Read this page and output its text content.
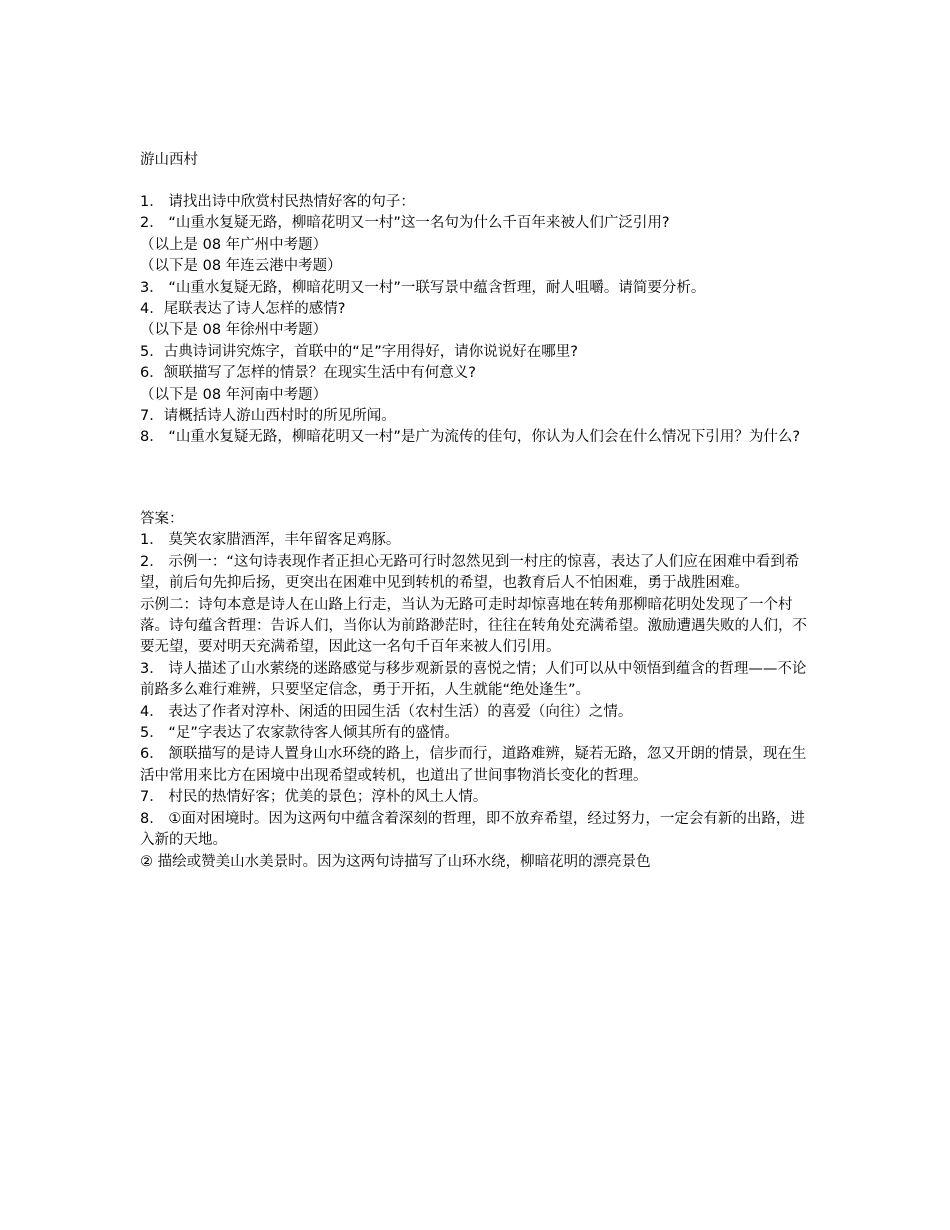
游山西村

1． 请找出诗中欣赏村民热情好客的句子：

2． “山重水复疑无路，柳暗花明又一村”这一名句为什么千百年来被人们广泛引用?

（以上是 08 年广州中考题）

（以下是 08 年连云港中考题）

3． “山重水复疑无路，柳暗花明又一村”一联写景中蕴含哲理，耐人咀嚼。请简要分析。

4．尾联表达了诗人怎样的感情?

（以下是 08 年徐州中考题）

5．古典诗词讲究炼字，首联中的“足”字用得好，请你说说好在哪里?

6．颔联描写了怎样的情景？在现实生活中有何意义?

（以下是 08 年河南中考题）

7．请概括诗人游山西村时的所见所闻。

8． “山重水复疑无路，柳暗花明又一村”是广为流传的佳句，你认为人们会在什么情况下引用？为什么?

答案：

1． 莫笑农家腊酒浑，丰年留客足鸡豚。

2． 示例一：“这句诗表现作者正担心无路可行时忽然见到一村庄的惊喜，表达了人们应在困难中看到希望，前后句先抑后扬，更突出在困难中见到转机的希望，也教育后人不怕困难，勇于战胜困难。

示例二：诗句本意是诗人在山路上行走，当认为无路可走时却惊喜地在转角那柳暗花明处发现了一个村落。诗句蕴含哲理：告诉人们，当你认为前路渺茫时，往往在转角处充满希望。激励遭遇失败的人们，不要无望，要对明天充满希望，因此这一名句千百年来被人们引用。

3． 诗人描述了山水萦绕的迷路感觉与移步观新景的喜悦之情；人们可以从中领悟到蕴含的哲理——不论前路多么难行难辨，只要坚定信念，勇于开拓，人生就能“绝处逢生”。

4． 表达了作者对淳朴、闲适的田园生活（农村生活）的喜爱（向往）之情。

5． “足”字表达了农家款待客人倾其所有的盛情。

6． 颔联描写的是诗人置身山水环绕的路上，信步而行，道路难辨，疑若无路，忽又开朗的情景，现在生活中常用来比方在困境中出现希望或转机，也道出了世间事物消长变化的哲理。

7． 村民的热情好客；优美的景色；淳朴的风土人情。

8． ①面对困境时。因为这两句中蕴含着深刻的哲理，即不放弃希望，经过努力，一定会有新的出路，进入新的天地。

② 描绘或赞美山水美景时。因为这两句诗描写了山环水绕，柳暗花明的漂亮景色
